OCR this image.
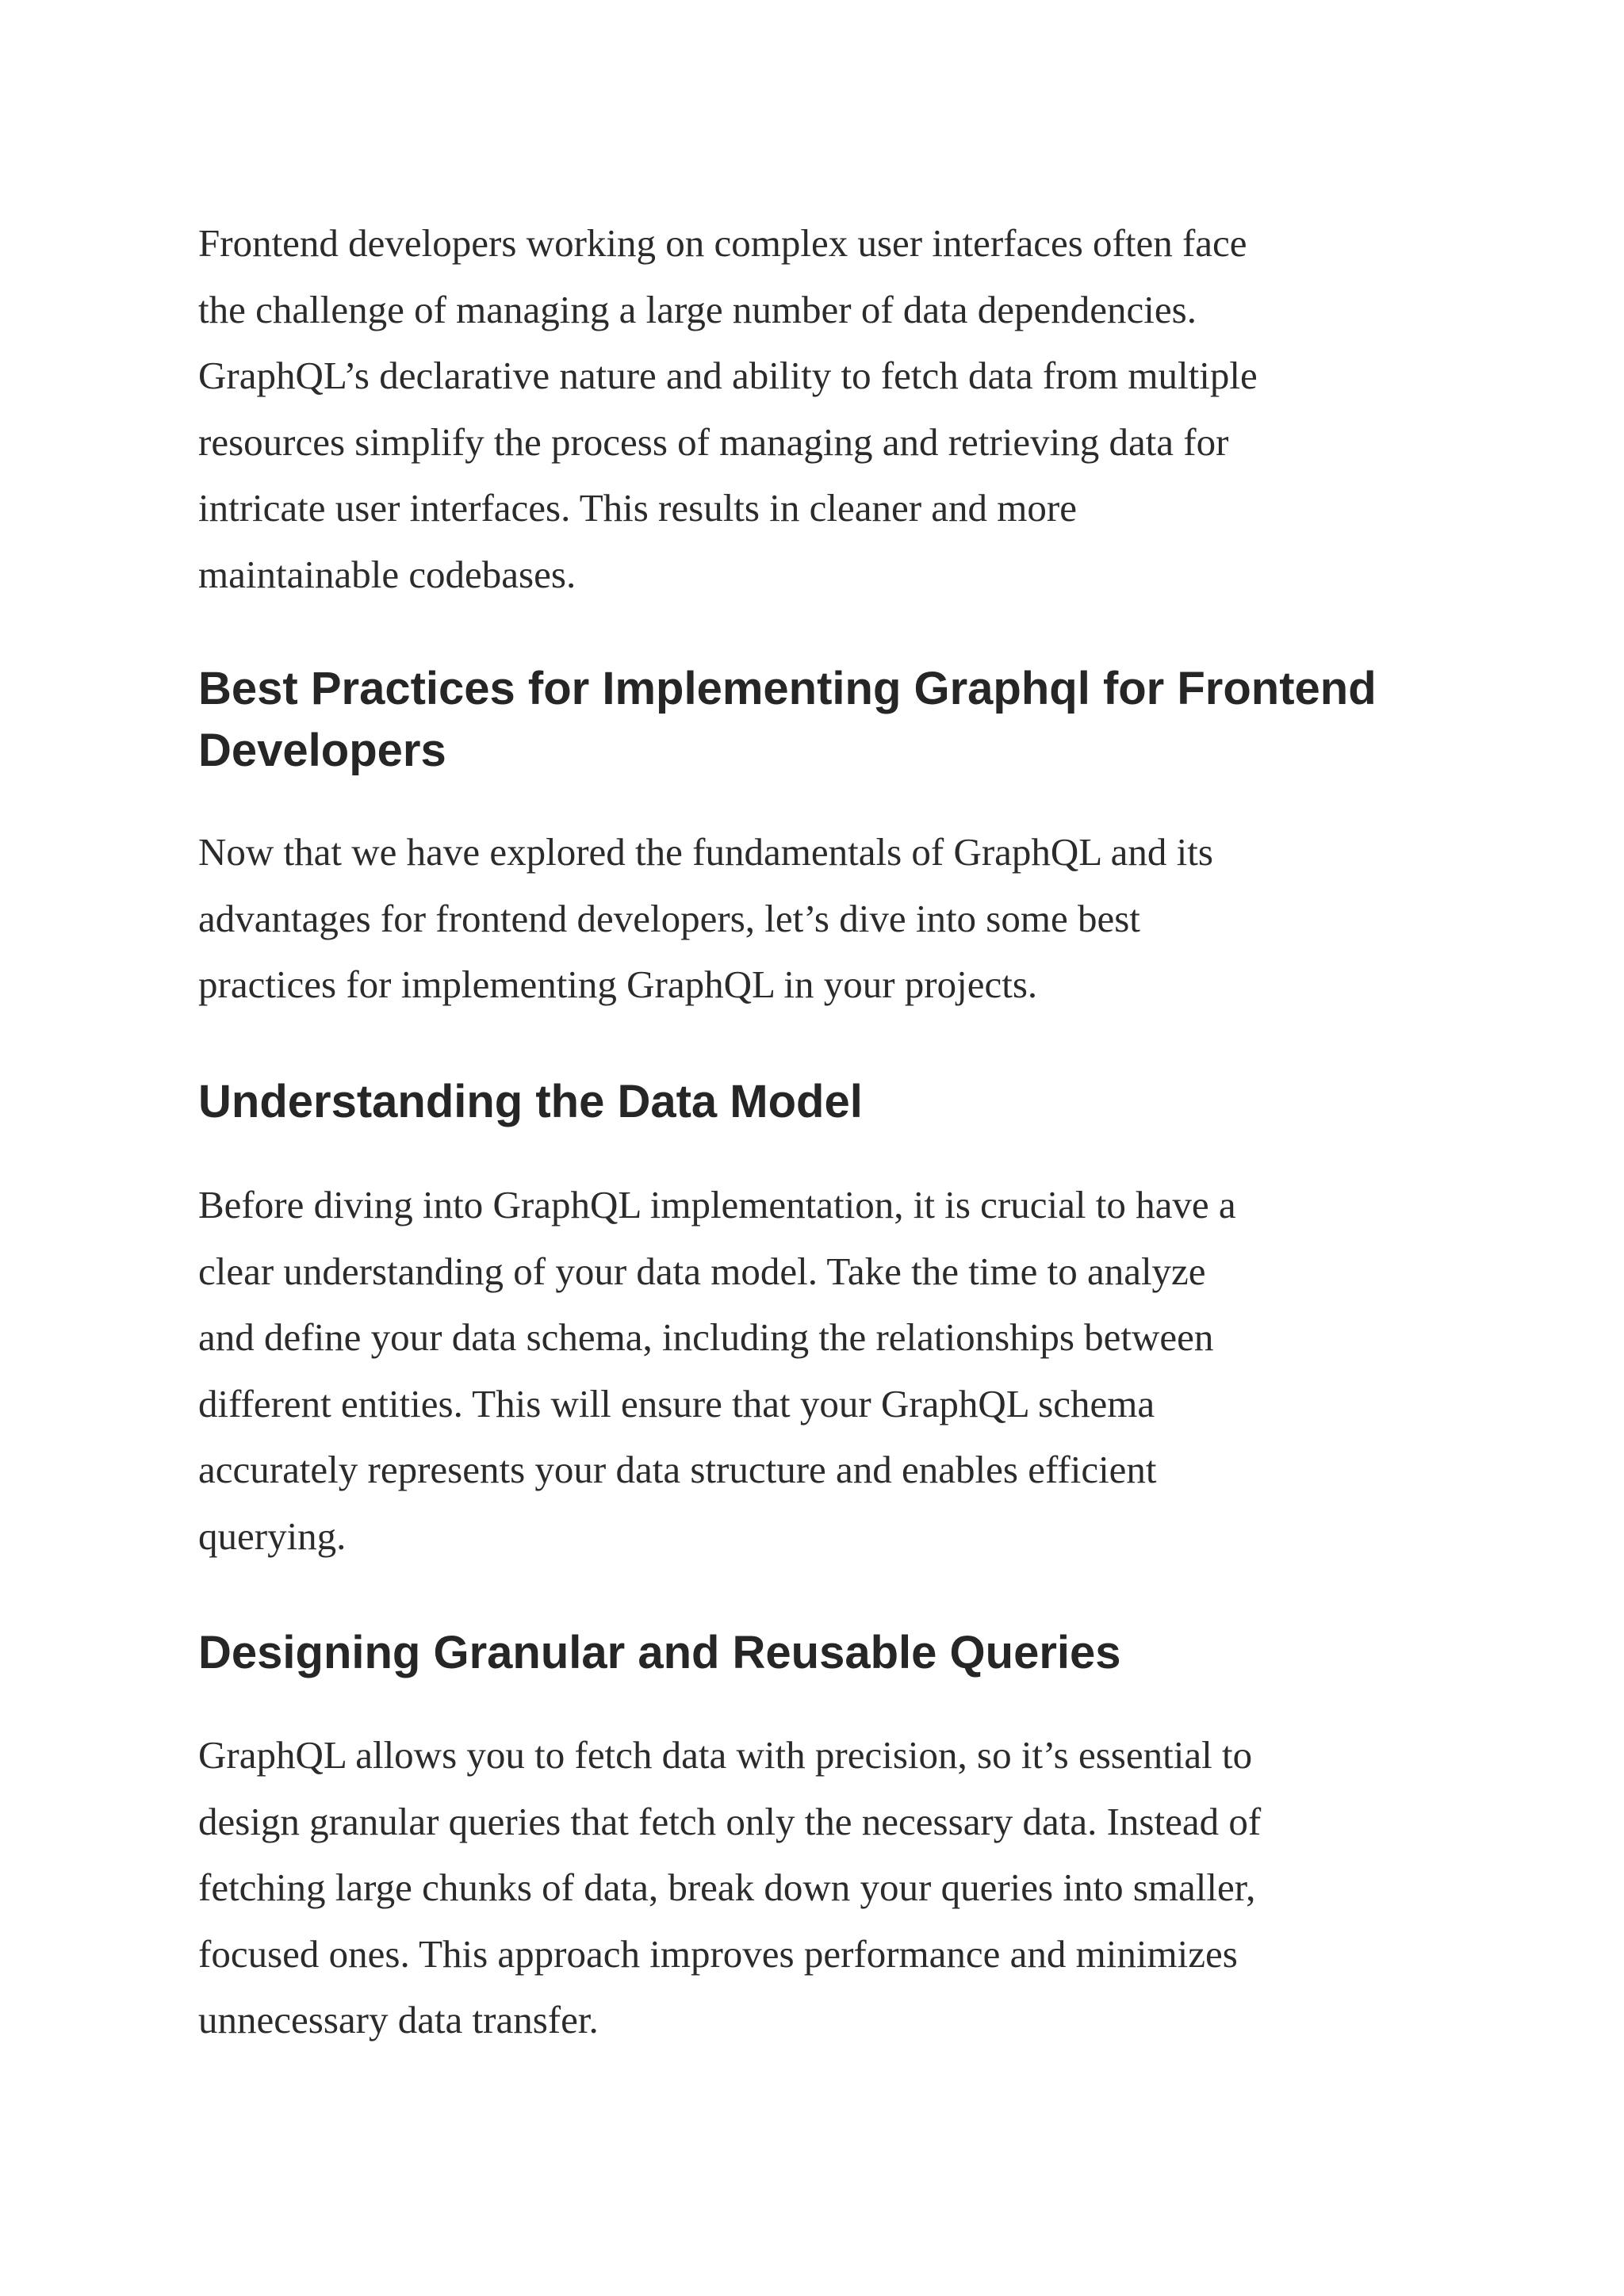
Frontend developers working on complex user interfaces often face
the challenge of managing a large number of data dependencies.
GraphQL’s declarative nature and ability to fetch data from multiple
resources simplify the process of managing and retrieving data for
intricate user interfaces. This results in cleaner and more
maintainable codebases.

Best Practices for Implementing Graphql for Frontend
Developers

Now that we have explored the fundamentals of GraphQL and its
advantages for frontend developers, let’s dive into some best
practices for implementing GraphQL in your projects.

Understanding the Data Model

Before diving into GraphQL implementation, it is crucial to have a
clear understanding of your data model. Take the time to analyze
and define your data schema, including the relationships between
different entities. This will ensure that your GraphQL schema
accurately represents your data structure and enables efficient
querying.

Designing Granular and Reusable Queries

GraphQL allows you to fetch data with precision, so it’s essential to
design granular queries that fetch only the necessary data. Instead of
fetching large chunks of data, break down your queries into smaller,
focused ones. This approach improves performance and minimizes
unnecessary data transfer.
